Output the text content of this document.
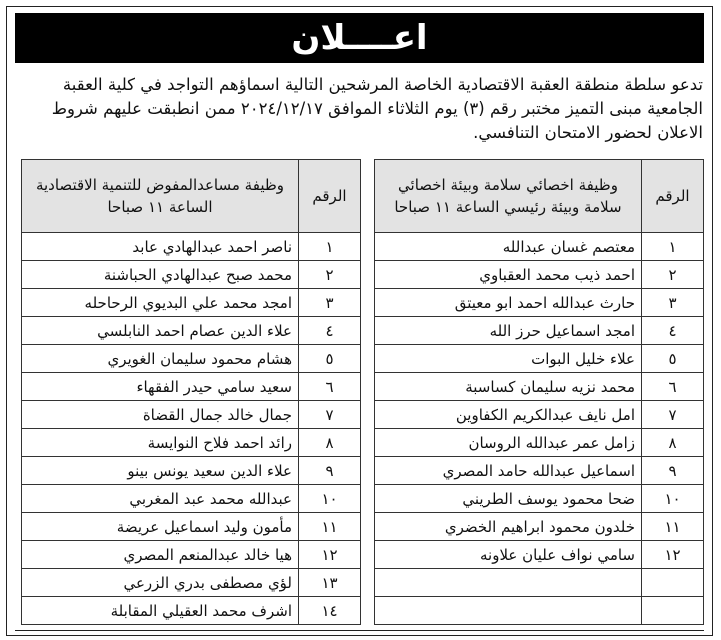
اعــــلان
تدعو سلطة منطقة العقبة الاقتصادية الخاصة المرشحين التالية اسماؤهم التواجد في كلية العقبة الجامعية مبنى التميز مختبر رقم (٣) يوم الثلاثاء الموافق ٢٠٢٤/١٢/١٧ ممن انطبقت عليهم شروط الاعلان لحضور الامتحان التنافسي.
الرقم	وظيفة اخصائي سلامة وبيئة اخصائي سلامة وبيئة رئيسي الساعة ١١ صباحا
١	معتصم غسان عبدالله
٢	احمد ذيب محمد العقباوي
٣	حارث عبدالله احمد ابو معيتق
٤	امجد اسماعيل حرز الله
٥	علاء خليل البوات
٦	محمد نزيه سليمان كساسبة
٧	امل نايف عبدالكريم الكفاوين
٨	زامل عمر عبدالله الروسان
٩	اسماعيل عبدالله حامد المصري
١٠	ضحا محمود يوسف الطريني
١١	خلدون محمود ابراهيم الخضري
١٢	سامي نواف عليان علاونه

الرقم	وظيفة مساعدالمفوض للتنمية الاقتصادية الساعة ١١ صباحا
١	ناصر احمد عبدالهادي عابد
٢	محمد صبح عبدالهادي الحباشنة
٣	امجد محمد علي البديوي الرحاحله
٤	علاء الدين عصام احمد النابلسي
٥	هشام محمود سليمان الغويري
٦	سعيد سامي حيدر الفقهاء
٧	جمال خالد جمال القضاة
٨	رائد احمد فلاح النوايسة
٩	علاء الدين سعيد يونس بينو
١٠	عبدالله محمد عبد المغربي
١١	مأمون وليد اسماعيل عريضة
١٢	هيا خالد عبدالمنعم المصري
١٣	لؤي مصطفى بدري الزرعي
١٤	اشرف محمد العقيلي المقابلة
